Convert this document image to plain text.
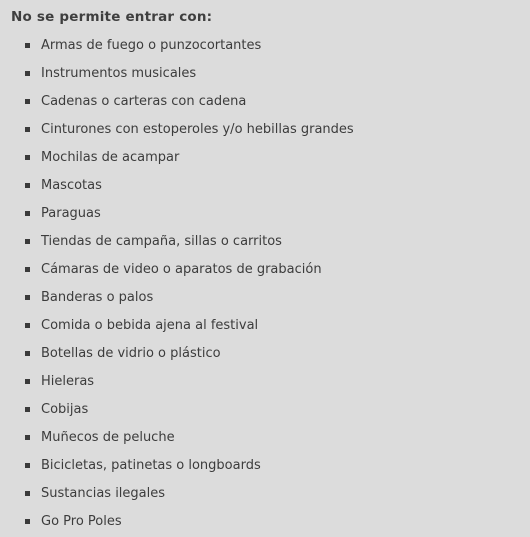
No se permite entrar con:

Armas de fuego o punzocortantes
Instrumentos musicales
Cadenas o carteras con cadena
Cinturones con estoperoles y/o hebillas grandes
Mochilas de acampar
Mascotas
Paraguas
Tiendas de campaña, sillas o carritos
Cámaras de video o aparatos de grabación
Banderas o palos
Comida o bebida ajena al festival
Botellas de vidrio o plástico
Hieleras
Cobijas
Muñecos de peluche
Bicicletas, patinetas o longboards
Sustancias ilegales
Go Pro Poles
